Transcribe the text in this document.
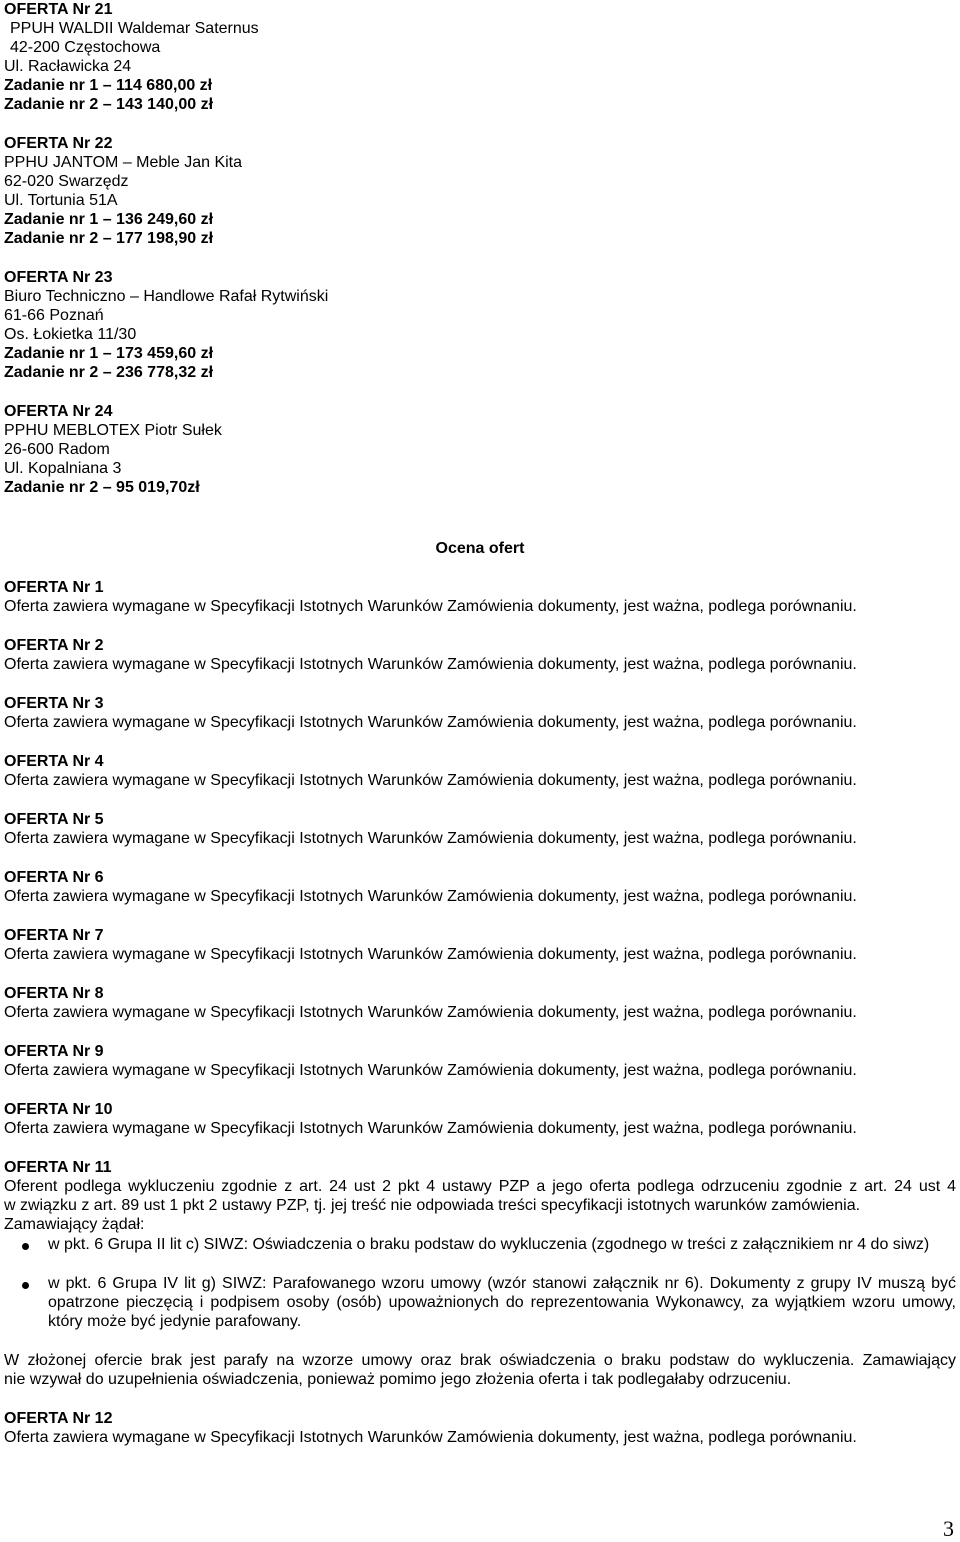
OFERTA Nr 21
PPUH WALDII Waldemar Saternus
42-200 Częstochowa
Ul. Racławicka 24
Zadanie nr 1 – 114 680,00 zł
Zadanie nr 2 – 143 140,00 zł
OFERTA Nr 22
PPHU JANTOM – Meble Jan Kita
62-020 Swarzędz
Ul. Tortunia 51A
Zadanie nr 1 – 136 249,60 zł
Zadanie nr 2 – 177 198,90 zł
OFERTA Nr 23
Biuro Techniczno – Handlowe Rafał Rytwiński
61-66 Poznań
Os. Łokietka 11/30
Zadanie nr 1 – 173 459,60 zł
Zadanie nr 2 – 236 778,32 zł
OFERTA Nr 24
PPHU MEBLOTEX Piotr Sułek
26-600 Radom
Ul. Kopalniana 3
Zadanie nr 2 – 95 019,70zł
Ocena ofert
OFERTA Nr 1
Oferta zawiera wymagane w Specyfikacji Istotnych Warunków Zamówienia dokumenty, jest ważna, podlega porównaniu.
OFERTA Nr 2
Oferta zawiera wymagane w Specyfikacji Istotnych Warunków Zamówienia dokumenty, jest ważna, podlega porównaniu.
OFERTA Nr 3
Oferta zawiera wymagane w Specyfikacji Istotnych Warunków Zamówienia dokumenty, jest ważna, podlega porównaniu.
OFERTA Nr 4
Oferta zawiera wymagane w Specyfikacji Istotnych Warunków Zamówienia dokumenty, jest ważna, podlega porównaniu.
OFERTA Nr 5
Oferta zawiera wymagane w Specyfikacji Istotnych Warunków Zamówienia dokumenty, jest ważna, podlega porównaniu.
OFERTA Nr 6
Oferta zawiera wymagane w Specyfikacji Istotnych Warunków Zamówienia dokumenty, jest ważna, podlega porównaniu.
OFERTA Nr 7
Oferta zawiera wymagane w Specyfikacji Istotnych Warunków Zamówienia dokumenty, jest ważna, podlega porównaniu.
OFERTA Nr 8
Oferta zawiera wymagane w Specyfikacji Istotnych Warunków Zamówienia dokumenty, jest ważna, podlega porównaniu.
OFERTA Nr 9
Oferta zawiera wymagane w Specyfikacji Istotnych Warunków Zamówienia dokumenty, jest ważna, podlega porównaniu.
OFERTA Nr 10
Oferta zawiera wymagane w Specyfikacji Istotnych Warunków Zamówienia dokumenty, jest ważna, podlega porównaniu.
OFERTA Nr 11
Oferent podlega wykluczeniu zgodnie z art. 24 ust 2 pkt 4 ustawy PZP a jego oferta podlega odrzuceniu zgodnie z art. 24 ust 4
w związku z art. 89 ust 1 pkt 2 ustawy PZP, tj. jej treść nie odpowiada treści specyfikacji istotnych warunków zamówienia.
Zamawiający żądał:
w pkt. 6 Grupa II lit c) SIWZ: Oświadczenia o braku podstaw do wykluczenia (zgodnego w treści z załącznikiem nr 4 do siwz)
w pkt. 6 Grupa IV lit g) SIWZ: Parafowanego wzoru umowy (wzór stanowi załącznik nr 6). Dokumenty z grupy IV muszą być opatrzone pieczęcią i podpisem osoby (osób) upoważnionych do reprezentowania Wykonawcy, za wyjątkiem wzoru umowy, który może być jedynie parafowany.
W złożonej ofercie brak jest parafy na wzorze umowy oraz brak oświadczenia o braku podstaw do wykluczenia. Zamawiający
nie wzywał do uzupełnienia oświadczenia, ponieważ pomimo jego złożenia oferta i tak podlegałaby odrzuceniu.
OFERTA Nr 12
Oferta zawiera wymagane w Specyfikacji Istotnych Warunków Zamówienia dokumenty, jest ważna, podlega porównaniu.
3
